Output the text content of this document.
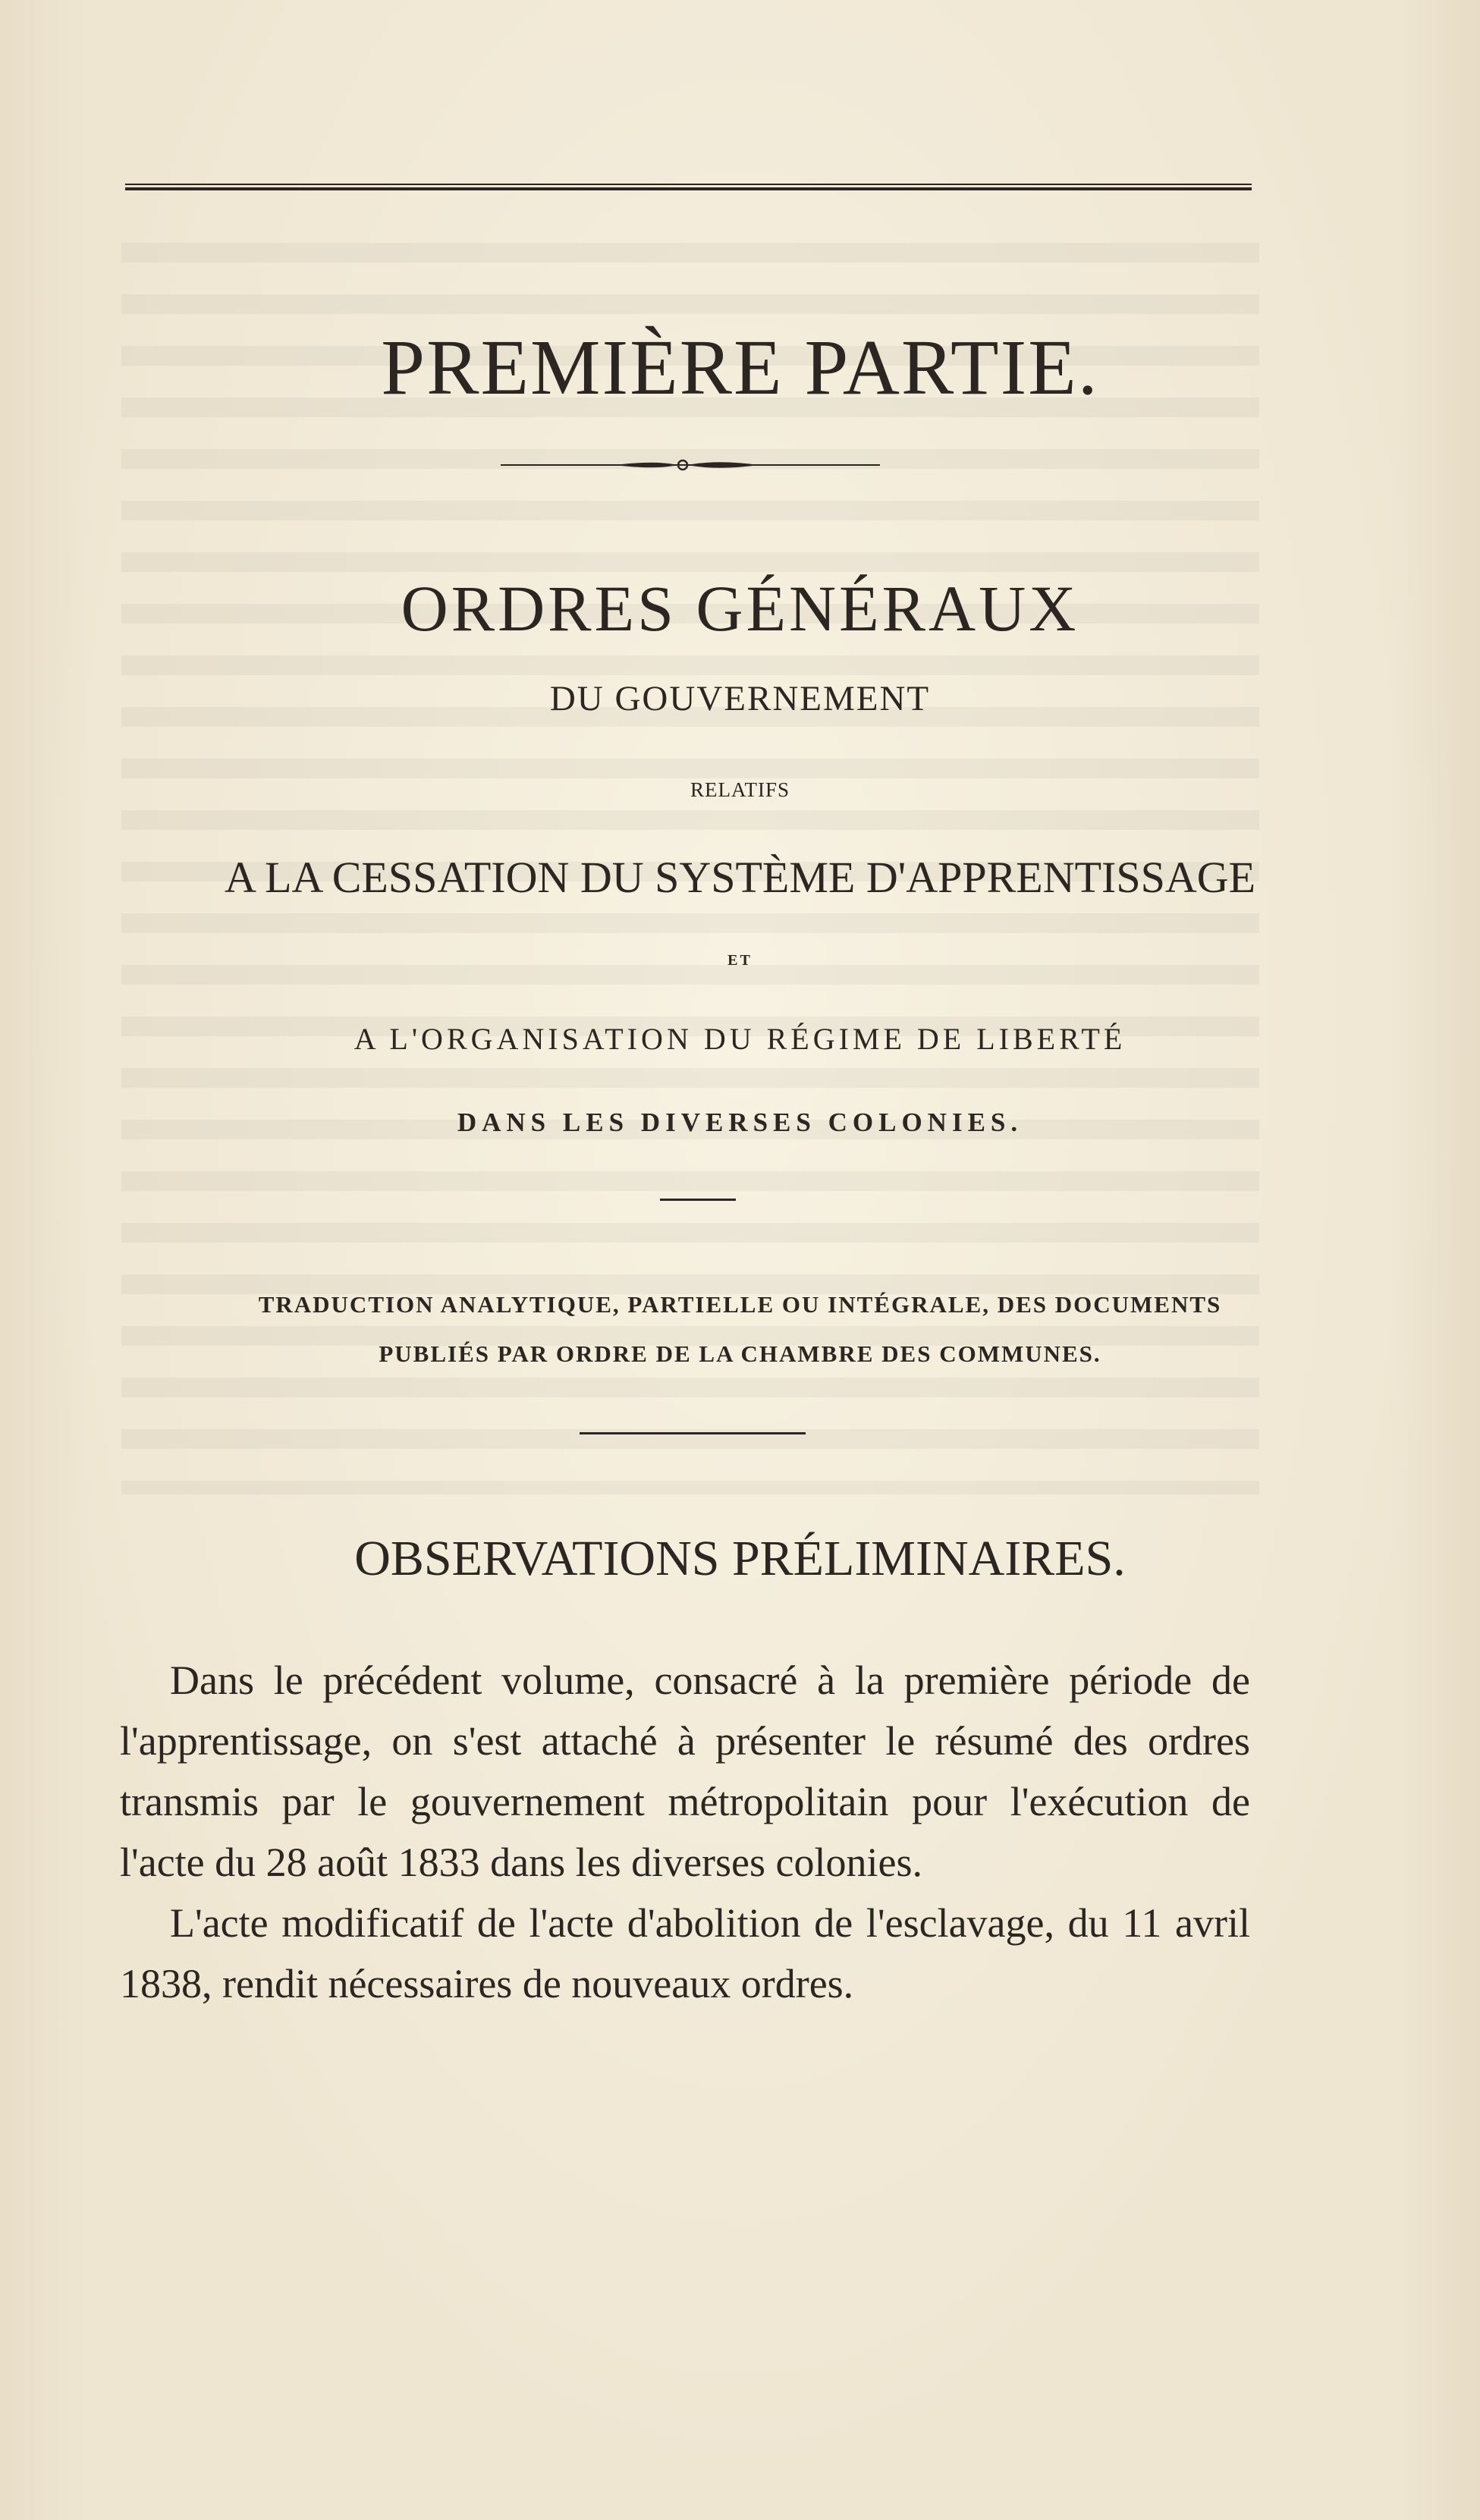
PREMIÈRE PARTIE.
ORDRES GÉNÉRAUX
DU GOUVERNEMENT
RELATIFS
A LA CESSATION DU SYSTÈME D'APPRENTISSAGE
ET
A L'ORGANISATION DU RÉGIME DE LIBERTÉ
DANS LES DIVERSES COLONIES.
TRADUCTION ANALYTIQUE, PARTIELLE OU INTÉGRALE, DES DOCUMENTS
PUBLIÉS PAR ORDRE DE LA CHAMBRE DES COMMUNES.
OBSERVATIONS PRÉLIMINAIRES.

Dans le précédent volume, consacré à la première période de l'apprentissage, on s'est attaché à présenter le résumé des ordres transmis par le gouvernement métropolitain pour l'exécution de l'acte du 28 août 1833 dans les diverses colonies.

L'acte modificatif de l'acte d'abolition de l'esclavage, du 11 avril 1838, rendit nécessaires de nouveaux ordres.
